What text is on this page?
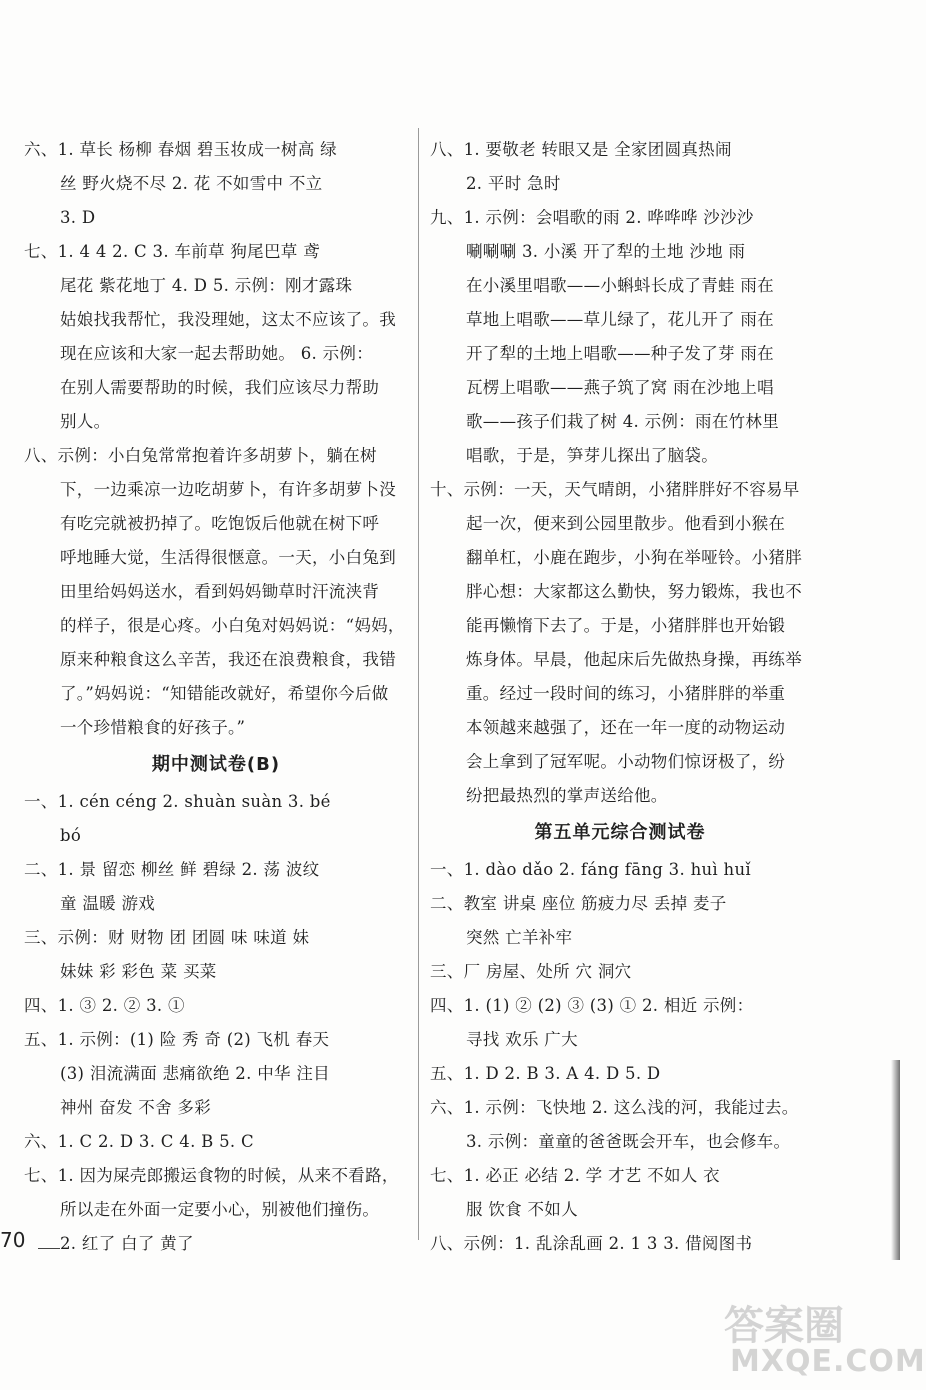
六、1. 草长 杨柳 春烟 碧玉妆成一树高 绿
丝 野火烧不尽 2. 花 不如雪中 不立
3. D
七、1. 4 4 2. C 3. 车前草 狗尾巴草 鸢
尾花 紫花地丁 4. D 5. 示例：刚才露珠
姑娘找我帮忙，我没理她，这太不应该了。我
现在应该和大家一起去帮助她。 6. 示例：
在别人需要帮助的时候，我们应该尽力帮助
别人。
八、示例：小白兔常常抱着许多胡萝卜，躺在树
下，一边乘凉一边吃胡萝卜，有许多胡萝卜没
有吃完就被扔掉了。吃饱饭后他就在树下呼
呼地睡大觉，生活得很惬意。一天，小白兔到
田里给妈妈送水，看到妈妈锄草时汗流浃背
的样子，很是心疼。小白兔对妈妈说：“妈妈，
原来种粮食这么辛苦，我还在浪费粮食，我错
了。”妈妈说：“知错能改就好，希望你今后做
一个珍惜粮食的好孩子。”
期中测试卷(B)
一、1. cén céng 2. shuàn suàn 3. bé
bó
二、1. 景 留恋 柳丝 鲜 碧绿 2. 荡 波纹
童 温暖 游戏
三、示例：财 财物 团 团圆 味 味道 妹
妹妹 彩 彩色 菜 买菜
四、1. ③ 2. ② 3. ①
五、1. 示例：(1) 险 秀 奇 (2) 飞机 春天
(3) 泪流满面 悲痛欲绝 2. 中华 注目
神州 奋发 不舍 多彩
六、1. C 2. D 3. C 4. B 5. C
七、1. 因为屎壳郎搬运食物的时候，从来不看路，
所以走在外面一定要小心，别被他们撞伤。
2. 红了 白了 黄了
八、1. 要敬老 转眼又是 全家团圆真热闹
2. 平时 急时
九、1. 示例：会唱歌的雨 2. 哗哗哗 沙沙沙
唰唰唰 3. 小溪 开了犁的土地 沙地 雨
在小溪里唱歌——小蝌蚪长成了青蛙 雨在
草地上唱歌——草儿绿了，花儿开了 雨在
开了犁的土地上唱歌——种子发了芽 雨在
瓦楞上唱歌——燕子筑了窝 雨在沙地上唱
歌——孩子们栽了树 4. 示例：雨在竹林里
唱歌，于是，笋芽儿探出了脑袋。
十、示例：一天，天气晴朗，小猪胖胖好不容易早
起一次，便来到公园里散步。他看到小猴在
翻单杠，小鹿在跑步，小狗在举哑铃。小猪胖
胖心想：大家都这么勤快，努力锻炼，我也不
能再懒惰下去了。于是，小猪胖胖也开始锻
炼身体。早晨，他起床后先做热身操，再练举
重。经过一段时间的练习，小猪胖胖的举重
本领越来越强了，还在一年一度的动物运动
会上拿到了冠军呢。小动物们惊讶极了，纷
纷把最热烈的掌声送给他。
第五单元综合测试卷
一、1. dào dǎo 2. fáng fāng 3. huì huǐ
二、教室 讲桌 座位 筋疲力尽 丢掉 麦子
突然 亡羊补牢
三、厂 房屋、处所 穴 洞穴
四、1. (1) ② (2) ③ (3) ① 2. 相近 示例：
寻找 欢乐 广大
五、1. D 2. B 3. A 4. D 5. D
六、1. 示例：飞快地 2. 这么浅的河，我能过去。
3. 示例：童童的爸爸既会开车，也会修车。
七、1. 必正 必结 2. 学 才艺 不如人 衣
服 饮食 不如人
八、示例：1. 乱涂乱画 2. 1 3 3. 借阅图书
70
答案圈
MXQE.COM
